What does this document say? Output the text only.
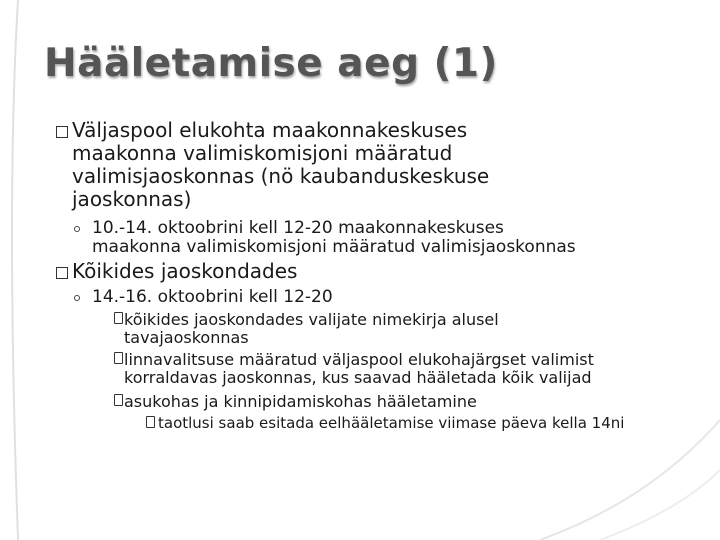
Hääletamise aeg (1)
Väljaspool elukohta maakonnakeskuses
maakonna valimiskomisjoni määratud
valimisjaoskonnas (nö kaubanduskeskuse
jaoskonnas)
10.-14. oktoobrini kell 12-20 maakonnakeskuses
maakonna valimiskomisjoni määratud valimisjaoskonnas
Kõikides jaoskondades
14.-16. oktoobrini kell 12-20
kõikides jaoskondades valijate nimekirja alusel
tavajaoskonnas
linnavalitsuse määratud väljaspool elukohajärgset valimist
korraldavas jaoskonnas, kus saavad hääletada kõik valijad
asukohas ja kinnipidamiskohas hääletamine
taotlusi saab esitada eelhääletamise viimase päeva kella 14ni
